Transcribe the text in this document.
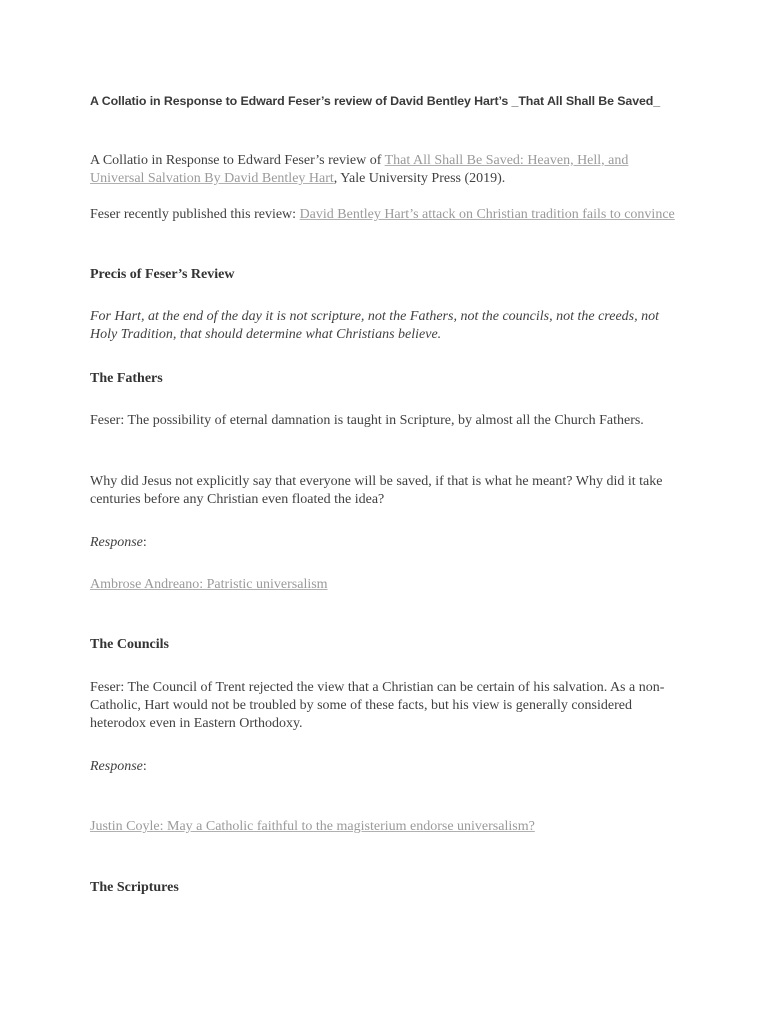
A Collatio in Response to Edward Feser’s review of David Bentley Hart’s _That All Shall Be Saved_
A Collatio in Response to Edward Feser’s review of That All Shall Be Saved: Heaven, Hell, and Universal Salvation By David Bentley Hart, Yale University Press (2019).
Feser recently published this review: David Bentley Hart’s attack on Christian tradition fails to convince
Precis of Feser’s Review
For Hart, at the end of the day it is not scripture, not the Fathers, not the councils, not the creeds, not Holy Tradition, that should determine what Christians believe.
The Fathers
Feser: The possibility of eternal damnation is taught in Scripture, by almost all the Church Fathers.
Why did Jesus not explicitly say that everyone will be saved, if that is what he meant? Why did it take centuries before any Christian even floated the idea?
Response:
Ambrose Andreano: Patristic universalism
The Councils
Feser: The Council of Trent rejected the view that a Christian can be certain of his salvation. As a non-Catholic, Hart would not be troubled by some of these facts, but his view is generally considered heterodox even in Eastern Orthodoxy.
Response:
Justin Coyle: May a Catholic faithful to the magisterium endorse universalism?
The Scriptures
